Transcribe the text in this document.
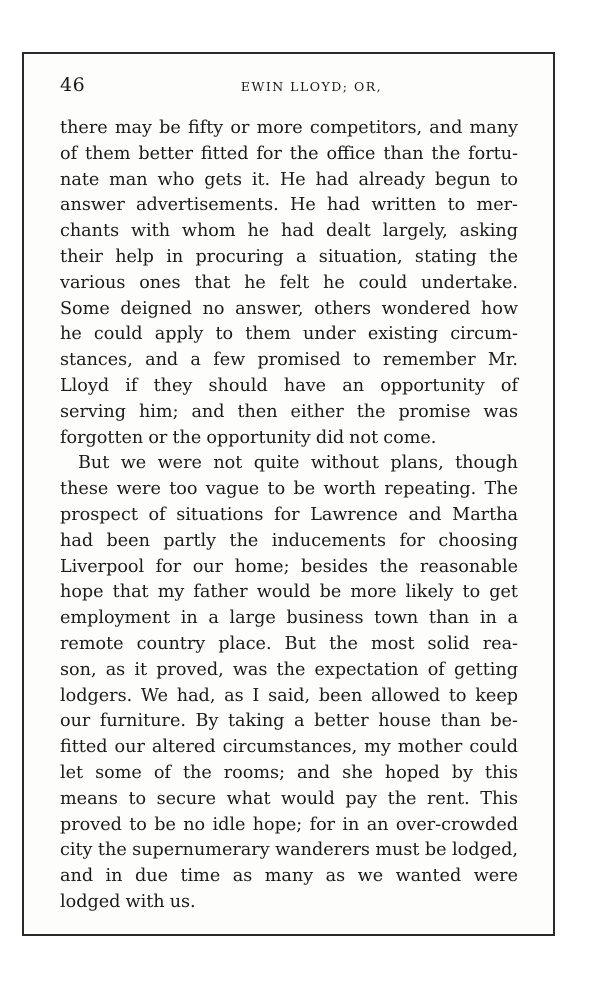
46	EWIN LLOYD; OR,
there may be fifty or more competitors, and many
of them better fitted for the office than the fortu-
nate man who gets it. He had already begun to
answer advertisements. He had written to mer-
chants with whom he had dealt largely, asking
their help in procuring a situation, stating the
various ones that he felt he could undertake.
Some deigned no answer, others wondered how
he could apply to them under existing circum-
stances, and a few promised to remember Mr.
Lloyd if they should have an opportunity of
serving him; and then either the promise was
forgotten or the opportunity did not come.
But we were not quite without plans, though
these were too vague to be worth repeating. The
prospect of situations for Lawrence and Martha
had been partly the inducements for choosing
Liverpool for our home; besides the reasonable
hope that my father would be more likely to get
employment in a large business town than in a
remote country place. But the most solid rea-
son, as it proved, was the expectation of getting
lodgers. We had, as I said, been allowed to keep
our furniture. By taking a better house than be-
fitted our altered circumstances, my mother could
let some of the rooms; and she hoped by this
means to secure what would pay the rent. This
proved to be no idle hope; for in an over-crowded
city the supernumerary wanderers must be lodged,
and in due time as many as we wanted were
lodged with us.
